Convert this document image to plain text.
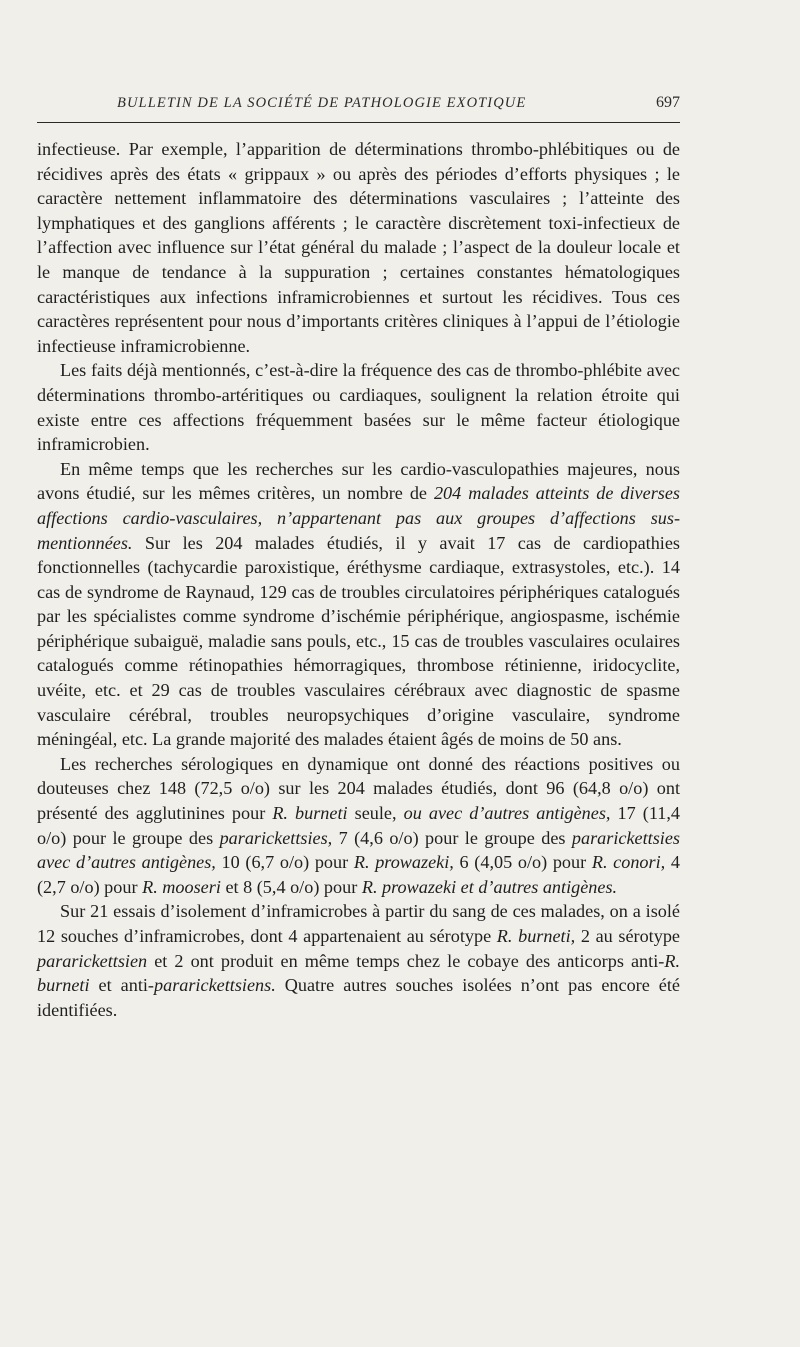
BULLETIN DE LA SOCIÉTÉ DE PATHOLOGIE EXOTIQUE	697

infectieuse. Par exemple, l’apparition de déterminations thrombo-phlébitiques ou de récidives après des états « grippaux » ou après des périodes d’efforts physiques ; le caractère nettement inflammatoire des déterminations vasculaires ; l’atteinte des lymphatiques et des ganglions afférents ; le caractère discrètement toxi-infectieux de l’affection avec influence sur l’état général du malade ; l’aspect de la douleur locale et le manque de tendance à la suppuration ; certaines constantes hématologiques caractéristiques aux infections inframicrobiennes et surtout les récidives. Tous ces caractères représentent pour nous d’importants critères cliniques à l’appui de l’étiologie infectieuse inframicrobienne.

Les faits déjà mentionnés, c’est-à-dire la fréquence des cas de thrombo-phlébite avec déterminations thrombo-artéritiques ou cardiaques, soulignent la relation étroite qui existe entre ces affections fréquemment basées sur le même facteur étiologique inframicrobien.

En même temps que les recherches sur les cardio-vasculopathies majeures, nous avons étudié, sur les mêmes critères, un nombre de 204 malades atteints de diverses affections cardio-vasculaires, n’appartenant pas aux groupes d’affections sus-mentionnées. Sur les 204 malades étudiés, il y avait 17 cas de cardiopathies fonctionnelles (tachycardie paroxistique, éréthysme cardiaque, extrasystoles, etc.). 14 cas de syndrome de Raynaud, 129 cas de troubles circulatoires périphériques catalogués par les spécialistes comme syndrome d’ischémie périphérique, angiospasme, ischémie périphérique subaiguë, maladie sans pouls, etc., 15 cas de troubles vasculaires oculaires catalogués comme rétinopathies hémorragiques, thrombose rétinienne, iridocyclite, uvéite, etc. et 29 cas de troubles vasculaires cérébraux avec diagnostic de spasme vasculaire cérébral, troubles neuropsychiques d’origine vasculaire, syndrome méningéal, etc. La grande majorité des malades étaient âgés de moins de 50 ans.

Les recherches sérologiques en dynamique ont donné des réactions positives ou douteuses chez 148 (72,5 o/o) sur les 204 malades étudiés, dont 96 (64,8 o/o) ont présenté des agglutinines pour R. burneti seule, ou avec d’autres antigènes, 17 (11,4 o/o) pour le groupe des pararickettsies, 7 (4,6 o/o) pour le groupe des pararickettsies avec d’autres antigènes, 10 (6,7 o/o) pour R. prowazeki, 6 (4,05 o/o) pour R. conori, 4 (2,7 o/o) pour R. mooseri et 8 (5,4 o/o) pour R. prowazeki et d’autres antigènes.

Sur 21 essais d’isolement d’inframicrobes à partir du sang de ces malades, on a isolé 12 souches d’inframicrobes, dont 4 appartenaient au sérotype R. burneti, 2 au sérotype pararickettsien et 2 ont produit en même temps chez le cobaye des anticorps anti-R. burneti et anti-pararickettsiens. Quatre autres souches isolées n’ont pas encore été identifiées.
